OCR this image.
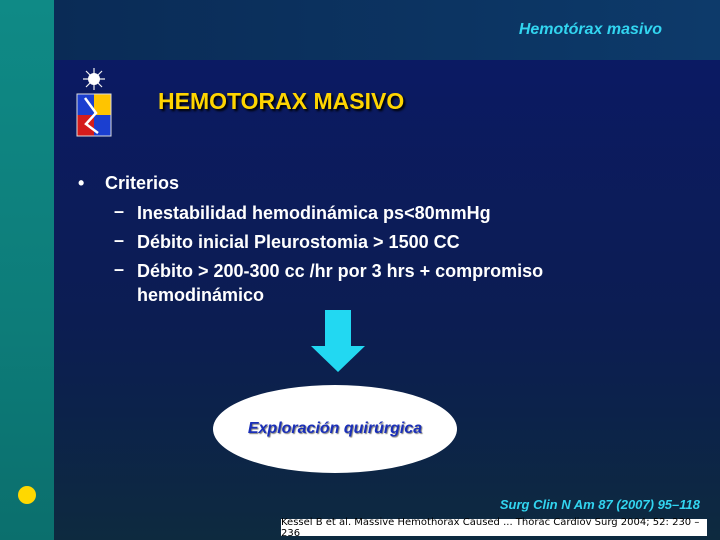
Hemotórax masivo
HEMOTORAX MASIVO
• Criterios
– Inestabilidad hemodinámica ps<80mmHg
– Débito inicial Pleurostomia > 1500 CC
– Débito > 200-300 cc /hr por 3 hrs + compromiso hemodinámico
Exploración quirúrgica
Surg Clin N Am 87 (2007) 95–118
Kessel B et al. Massive Hemothorax Caused ... Thorac Cardiov Surg 2004; 52: 230 – 236
